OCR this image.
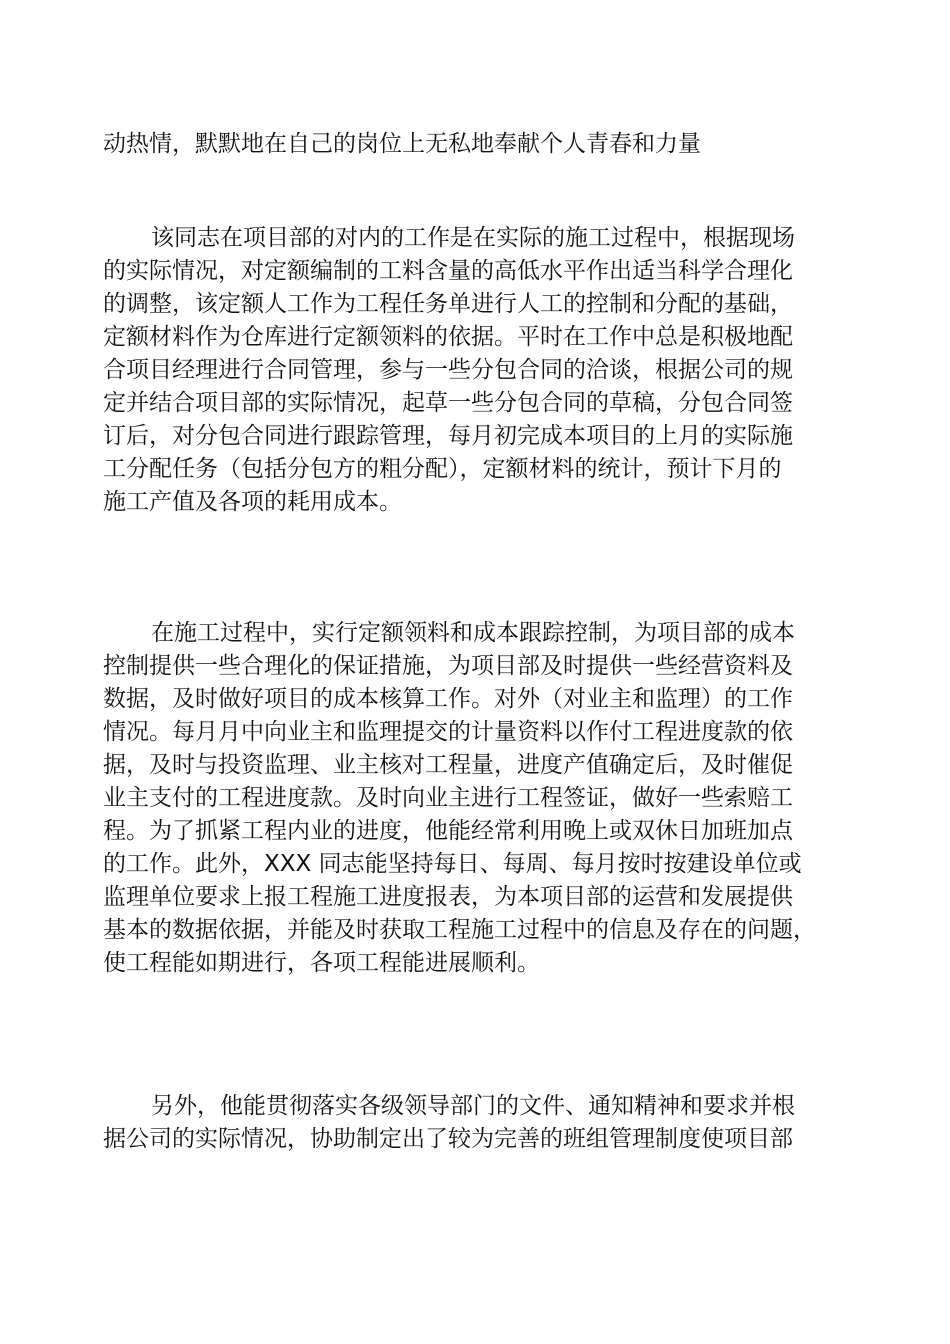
动热情，默默地在自己的岗位上无私地奉献个人青春和力量
该同志在项目部的对内的工作是在实际的施工过程中，根据现场
的实际情况，对定额编制的工料含量的高低水平作出适当科学合理化
的调整，该定额人工作为工程任务单进行人工的控制和分配的基础，
定额材料作为仓库进行定额领料的依据。平时在工作中总是积极地配
合项目经理进行合同管理，参与一些分包合同的洽谈，根据公司的规
定并结合项目部的实际情况，起草一些分包合同的草稿，分包合同签
订后，对分包合同进行跟踪管理，每月初完成本项目的上月的实际施
工分配任务（包括分包方的粗分配），定额材料的统计，预计下月的
施工产值及各项的耗用成本。
在施工过程中，实行定额领料和成本跟踪控制，为项目部的成本
控制提供一些合理化的保证措施，为项目部及时提供一些经营资料及
数据，及时做好项目的成本核算工作。对外（对业主和监理）的工作
情况。每月月中向业主和监理提交的计量资料以作付工程进度款的依
据，及时与投资监理、业主核对工程量，进度产值确定后，及时催促
业主支付的工程进度款。及时向业主进行工程签证，做好一些索赔工
程。为了抓紧工程内业的进度，他能经常利用晚上或双休日加班加点
的工作。此外，XXX 同志能坚持每日、每周、每月按时按建设单位或
监理单位要求上报工程施工进度报表，为本项目部的运营和发展提供
基本的数据依据，并能及时获取工程施工过程中的信息及存在的问题，
使工程能如期进行，各项工程能进展顺利。
另外，他能贯彻落实各级领导部门的文件、通知精神和要求并根
据公司的实际情况，协助制定出了较为完善的班组管理制度使项目部
